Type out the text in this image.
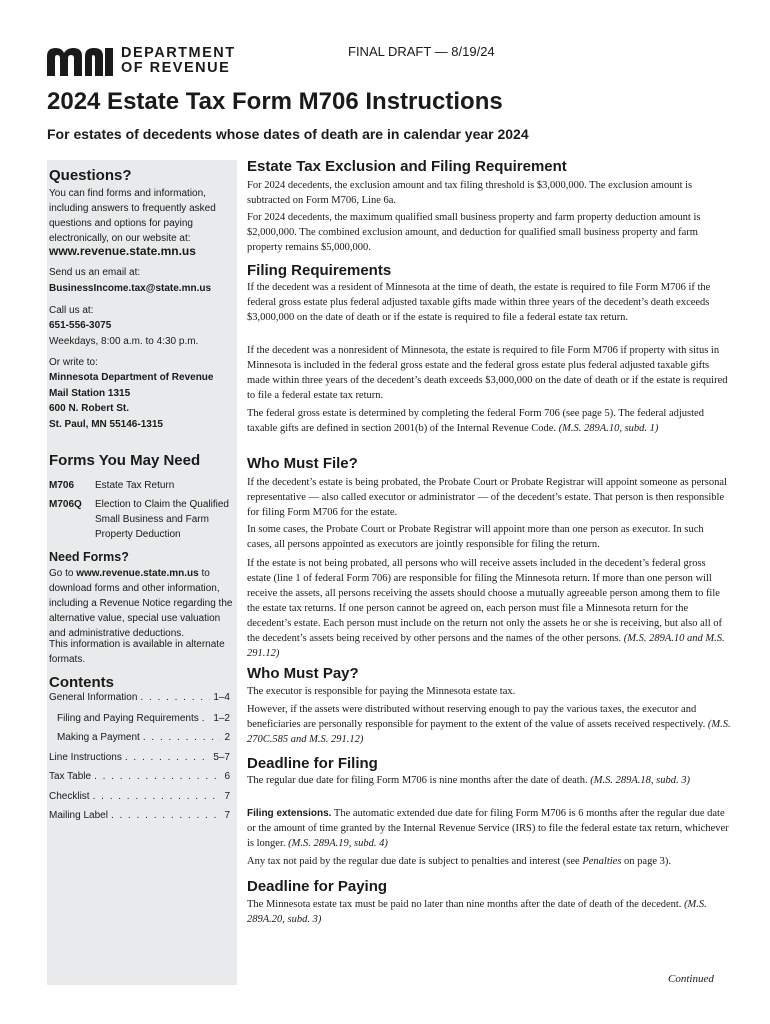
DEPARTMENT
OF REVENUE
FINAL DRAFT — 8/19/24
2024 Estate Tax Form M706 Instructions
For estates of decedents whose dates of death are in calendar year 2024
Questions?
You can find forms and information, including answers to frequently asked questions and options for paying electronically, on our website at:
www.revenue.state.mn.us
Send us an email at:
BusinessIncome.tax@state.mn.us
Call us at:
651-556-3075
Weekdays, 8:00 a.m. to 4:30 p.m.
Or write to:
Minnesota Department of Revenue
Mail Station 1315
600 N. Robert St.
St. Paul, MN 55146-1315
Forms You May Need
M706 Estate Tax Return
M706Q Election to Claim the Qualified Small Business and Farm Property Deduction
Need Forms?
Go to www.revenue.state.mn.us to download forms and other information, including a Revenue Notice regarding the alternative value, special use valuation and administrative deductions.
This information is available in alternate formats.
Contents
General Information . . .	1–4
Filing and Paying Requirements . . . 1–2
Making a Payment . . .	2
Line Instructions . . .	5–7
Tax Table . . .	6
Checklist . . .	7
Mailing Label . . .	7
Estate Tax Exclusion and Filing Requirement
For 2024 decedents, the exclusion amount and tax filing threshold is $3,000,000. The exclusion amount is subtracted on Form M706, Line 6a.
For 2024 decedents, the maximum qualified small business property and farm property deduction amount is $2,000,000. The combined exclusion amount, and deduction for qualified small business property and farm property remains $5,000,000.
Filing Requirements
If the decedent was a resident of Minnesota at the time of death, the estate is required to file Form M706 if the federal gross estate plus federal adjusted taxable gifts made within three years of the decedent’s death exceeds $3,000,000 on the date of death or if the estate is required to file a federal estate tax return.
If the decedent was a nonresident of Minnesota, the estate is required to file Form M706 if property with situs in Minnesota is included in the federal gross estate and the federal gross estate plus federal adjusted taxable gifts made within three years of the decedent’s death exceeds $3,000,000 on the date of death or if the estate is required to file a federal estate tax return.
The federal gross estate is determined by completing the federal Form 706 (see page 5). The federal adjusted taxable gifts are defined in section 2001(b) of the Internal Revenue Code. (M.S. 289A.10, subd. 1)
Who Must File?
If the decedent’s estate is being probated, the Probate Court or Probate Registrar will appoint someone as personal representative — also called executor or administrator — of the decedent’s estate. That person is then responsible for filing Form M706 for the estate.
In some cases, the Probate Court or Probate Registrar will appoint more than one person as executor. In such cases, all persons appointed as executors are jointly responsible for filing the return.
If the estate is not being probated, all persons who will receive assets included in the decedent’s federal gross estate (line 1 of federal Form 706) are responsible for filing the Minnesota return. If more than one person will receive the assets, all persons receiving the assets should choose a mutually agreeable person among them to file the estate tax returns. If one person cannot be agreed on, each person must file a Minnesota return for the decedent’s estate. Each person must include on the return not only the assets he or she is receiving, but also all of the decedent’s assets being received by other persons and the names of the other persons. (M.S. 289A.10 and M.S. 291.12)
Who Must Pay?
The executor is responsible for paying the Minnesota estate tax.
However, if the assets were distributed without reserving enough to pay the various taxes, the executor and beneficiaries are personally responsible for payment to the extent of the value of assets received respectively. (M.S. 270C.585 and M.S. 291.12)
Deadline for Filing
The regular due date for filing Form M706 is nine months after the date of death. (M.S. 289A.18, subd. 3)
Filing extensions. The automatic extended due date for filing Form M706 is 6 months after the regular due date or the amount of time granted by the Internal Revenue Service (IRS) to file the federal estate tax return, whichever is longer. (M.S. 289A.19, subd. 4)
Any tax not paid by the regular due date is subject to penalties and interest (see Penalties on page 3).
Deadline for Paying
The Minnesota estate tax must be paid no later than nine months after the date of death of the decedent. (M.S. 289A.20, subd. 3)
Continued
